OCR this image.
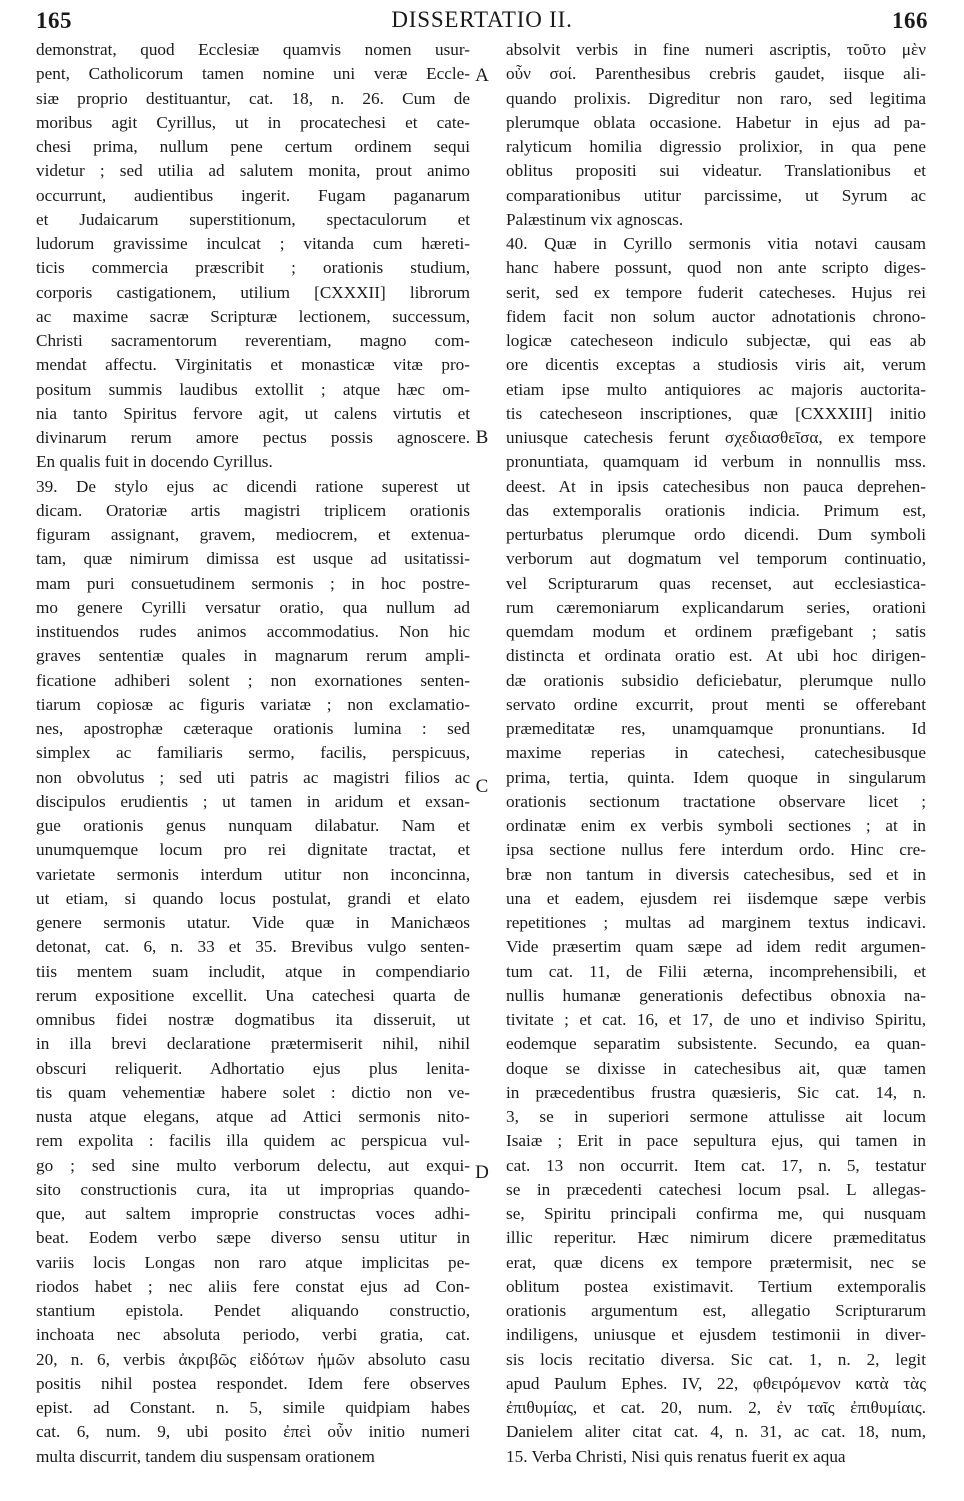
165	DISSERTATIO II.	166
demonstrat, quod Ecclesiæ quamvis nomen usur-
pent, Catholicorum tamen nomine uni veræ Eccle-
siæ proprio destituantur, cat. 18, n. 26. Cum de
moribus agit Cyrillus, ut in procatechesi et cate-
chesi prima, nullum pene certum ordinem sequi
videtur ; sed utilia ad salutem monita, prout animo
occurrunt, audientibus ingerit. Fugam paganarum
et Judaicarum superstitionum, spectaculorum et
ludorum gravissime inculcat ; vitanda cum hæreti-
ticis commercia præscribit ; orationis studium,
corporis castigationem, utilium [CXXXII] librorum
ac maxime sacræ Scripturæ lectionem, successum,
Christi sacramentorum reverentiam, magno com-
mendat affectu. Virginitatis et monasticæ vitæ pro-
positum summis laudibus extollit ; atque hæc om-
nia tanto Spiritus fervore agit, ut calens virtutis et
divinarum rerum amore pectus possis agnoscere.
En qualis fuit in docendo Cyrillus.
39. De stylo ejus ac dicendi ratione superest ut
dicam. Oratoriæ artis magistri triplicem orationis
figuram assignant, gravem, mediocrem, et extenua-
tam, quæ nimirum dimissa est usque ad usitatissi-
mam puri consuetudinem sermonis ; in hoc postre-
mo genere Cyrilli versatur oratio, qua nullum ad
instituendos rudes animos accommodatius. Non hic
graves sententiæ quales in magnarum rerum ampli-
ficatione adhiberi solent ; non exornationes senten-
tiarum copiosæ ac figuris variatæ ; non exclamatio-
nes, apostrophæ cæteraque orationis lumina : sed
simplex ac familiaris sermo, facilis, perspicuus,
non obvolutus ; sed uti patris ac magistri filios ac
discipulos erudientis ; ut tamen in aridum et exsan-
gue orationis genus nunquam dilabatur. Nam et
unumquemque locum pro rei dignitate tractat, et
varietate sermonis interdum utitur non inconcinna,
ut etiam, si quando locus postulat, grandi et elato
genere sermonis utatur. Vide quæ in Manichæos
detonat, cat. 6, n. 33 et 35. Brevibus vulgo senten-
tiis mentem suam includit, atque in compendiario
rerum expositione excellit. Una catechesi quarta de
omnibus fidei nostræ dogmatibus ita disseruit, ut
in illa brevi declaratione prætermiserit nihil, nihil
obscuri reliquerit. Adhortatio ejus plus lenita-
tis quam vehementiæ habere solet : dictio non ve-
nusta atque elegans, atque ad Attici sermonis nito-
rem expolita : facilis illa quidem ac perspicua vul-
go ; sed sine multo verborum delectu, aut exqui-
sito constructionis cura, ita ut improprias quando-
que, aut saltem improprie constructas voces adhi-
beat. Eodem verbo sæpe diverso sensu utitur in
variis locis Longas non raro atque implicitas pe-
riodos habet ; nec aliis fere constat ejus ad Con-
stantium epistola. Pendet aliquando constructio,
inchoata nec absoluta periodo, verbi gratia, cat.
20, n. 6, verbis ἀκριβῶς εἰδότων ἡμῶν absoluto casu
positis nihil postea respondet. Idem fere observes
epist. ad Constant. n. 5, simile quidpiam habes
cat. 6, num. 9, ubi posito ἐπεὶ οὖν initio numeri
multa discurrit, tandem diu suspensam orationem
absolvit verbis in fine numeri ascriptis, τοῦτο μὲν
οὖν σοί. Parenthesibus crebris gaudet, iisque ali-
quando prolixis. Digreditur non raro, sed legitima
plerumque oblata occasione. Habetur in ejus ad pa-
ralyticum homilia digressio prolixior, in qua pene
oblitus propositi sui videatur. Translationibus et
comparationibus utitur parcissime, ut Syrum ac
Palæstinum vix agnoscas.
40. Quæ in Cyrillo sermonis vitia notavi causam
hanc habere possunt, quod non ante scripto diges-
serit, sed ex tempore fuderit catecheses. Hujus rei
fidem facit non solum auctor adnotationis chrono-
logicæ catecheseon indiculo subjectæ, qui eas ab
ore dicentis exceptas a studiosis viris ait, verum
etiam ipse multo antiquiores ac majoris auctorita-
tis catecheseon inscriptiones, quæ [CXXXIII] initio
uniusque catechesis ferunt σχεδιασθεῖσα, ex tempore
pronuntiata, quamquam id verbum in nonnullis mss.
deest. At in ipsis catechesibus non pauca deprehen-
das extemporalis orationis indicia. Primum est,
perturbatus plerumque ordo dicendi. Dum symboli
verborum aut dogmatum vel temporum continuatio,
vel Scripturarum quas recenset, aut ecclesiastica-
rum cæremoniarum explicandarum series, orationi
quemdam modum et ordinem præfigebant ; satis
distincta et ordinata oratio est. At ubi hoc dirigen-
dæ orationis subsidio deficiebatur, plerumque nullo
servato ordine excurrit, prout menti se offerebant
præmeditatæ res, unamquamque pronuntians. Id
maxime reperias in catechesi, catechesibusque
prima, tertia, quinta. Idem quoque in singularum
orationis sectionum tractatione observare licet ;
ordinatæ enim ex verbis symboli sectiones ; at in
ipsa sectione nullus fere interdum ordo. Hinc cre-
bræ non tantum in diversis catechesibus, sed et in
una et eadem, ejusdem rei iisdemque sæpe verbis
repetitiones ; multas ad marginem textus indicavi.
Vide præsertim quam sæpe ad idem redit argumen-
tum cat. 11, de Filii æterna, incomprehensibili, et
nullis humanæ generationis defectibus obnoxia na-
tivitate ; et cat. 16, et 17, de uno et indiviso Spiritu,
eodemque separatim subsistente. Secundo, ea quan-
doque se dixisse in catechesibus ait, quæ tamen
in præcedentibus frustra quæsieris, Sic cat. 14, n.
3, se in superiori sermone attulisse ait locum
Isaiæ ; Erit in pace sepultura ejus, qui tamen in
cat. 13 non occurrit. Item cat. 17, n. 5, testatur
se in præcedenti catechesi locum psal. L allegas-
se, Spiritu principali confirma me, qui nusquam
illic reperitur. Hæc nimirum dicere præmeditatus
erat, quæ dicens ex tempore prætermisit, nec se
oblitum postea existimavit. Tertium extemporalis
orationis argumentum est, allegatio Scripturarum
indiligens, uniusque et ejusdem testimonii in diver-
sis locis recitatio diversa. Sic cat. 1, n. 2, legit
apud Paulum Ephes. IV, 22, φθειρόμενον κατὰ τὰς
ἐπιθυμίας, et cat. 20, num. 2, ἐν ταῖς ἐπιθυμίαις.
Danielem aliter citat cat. 4, n. 31, ac cat. 18, num,
15. Verba Christi, Nisi quis renatus fuerit ex aqua
A
B
C
D
